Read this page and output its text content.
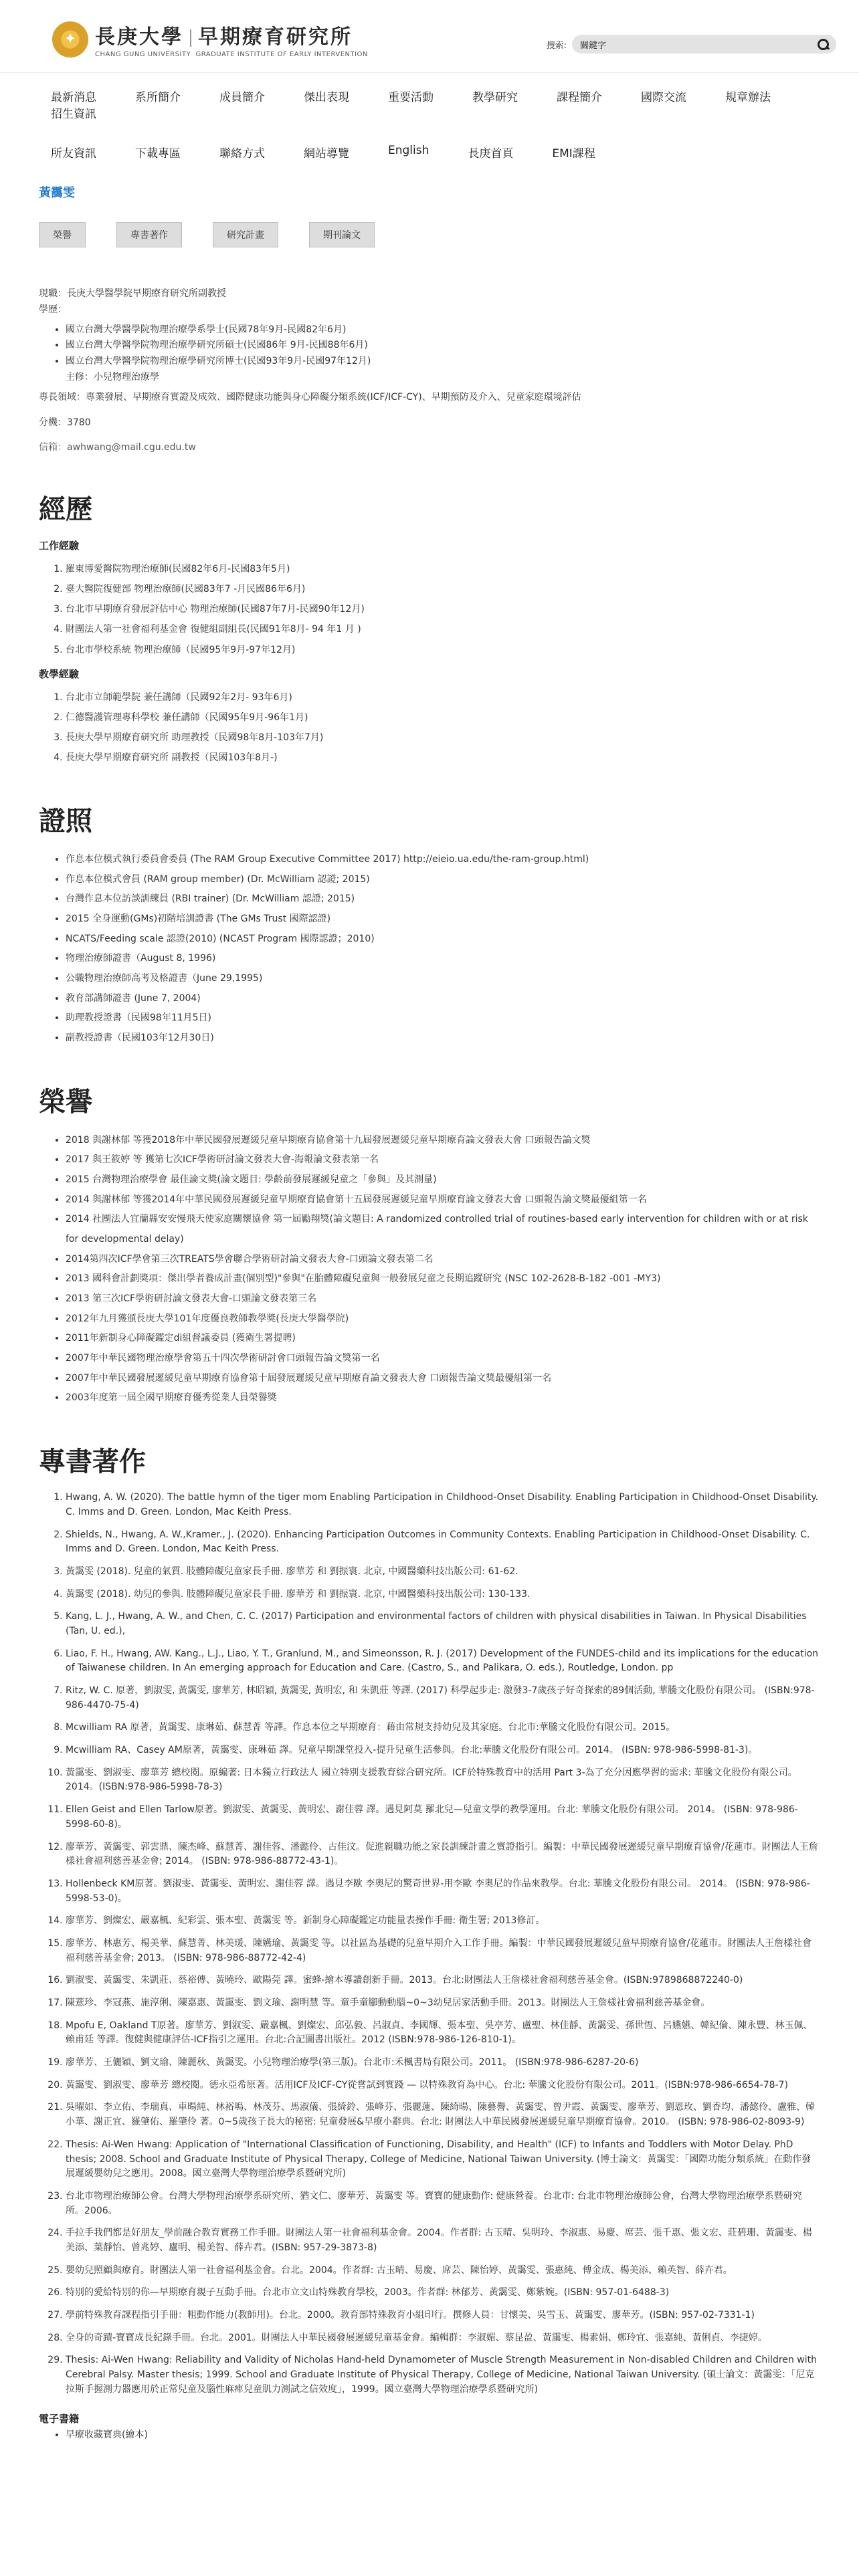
✦ 長庚大學 早期療育研究所
CHANG GUNG UNIVERSITY GRADUATE INSTITUTE OF EARLY INTERVENTION
搜索:
關鍵字
最新消息	系所簡介	成員簡介	傑出表現	重要活動	教學研究	課程簡介	國際交流	規章辦法
招生資訊
所友資訊	下載專區	聯絡方式	網站導覽	English	長庚首頁	EMI課程
黃靄雯
榮譽	專書著作	研究計畫	期刊論文
現職：長庚大學醫學院早期療育研究所副教授
學歷：
• 國立台灣大學醫學院物理治療學系學士(民國78年9月-民國82年6月)
• 國立台灣大學醫學院物理治療學研究所碩士(民國86年 9月-民國88年6月)
• 國立台灣大學醫學院物理治療學研究所博士(民國93年9月-民國97年12月)
主修：小兒物理治療學
專長領域：專業發展、早期療育實證及成效、國際健康功能與身心障礙分類系統(ICF/ICF-CY)、早期預防及介入、兒童家庭環境評估
分機：3780
信箱：awhwang@mail.cgu.edu.tw
經歷
工作經驗
1. 羅東博愛醫院物理治療師(民國82年6月-民國83年5月)
2. 臺大醫院復健部 物理治療師(民國83年7 -月民國86年6月)
3. 台北市早期療育發展評估中心 物理治療師(民國87年7月-民國90年12月)
4. 財團法人第一社會福利基金會 復健組副組長(民國91年8月- 94 年1 月 )
5. 台北市學校系統 物理治療師（民國95年9月-97年12月)
教學經驗
1. 台北市立師範學院 兼任講師（民國92年2月- 93年6月)
2. 仁德醫護管理專科學校 兼任講師（民國95年9月-96年1月)
3. 長庚大學早期療育研究所 助理教授（民國98年8月-103年7月)
4. 長庚大學早期療育研究所 副教授（民國103年8月-)
證照
• 作息本位模式執行委員會委員 (The RAM Group Executive Committee 2017) http://eieio.ua.edu/the-ram-group.html)
• 作息本位模式會員 (RAM group member) (Dr. McWilliam 認證; 2015)
• 台灣作息本位訪談訓練員 (RBI trainer) (Dr. McWilliam 認證; 2015)
• 2015 全身運動(GMs)初階培訓證書 (The GMs Trust 國際認證)
• NCATS/Feeding scale 認證(2010) (NCAST Program 國際認證；2010)
• 物理治療師證書（August 8, 1996)
• 公職物理治療師高考及格證書（June 29,1995)
• 教育部講師證書 (June 7, 2004)
• 助理教授證書（民國98年11月5日)
• 副教授證書（民國103年12月30日)
榮譽
• 2018 與謝林郁 等獲2018年中華民國發展遲緩兒童早期療育協會第十九屆發展遲緩兒童早期療育論文發表大會 口頭報告論文獎
• 2017 與王筱婷 等 獲第七次ICF學術研討論文發表大會-海報論文發表第一名
• 2015 台灣物理治療學會 最佳論文獎(論文題目: 學齡前發展遲緩兒童之「參與」及其測量)
• 2014 與謝林郁 等獲2014年中華民國發展遲緩兒童早期療育協會第十五屆發展遲緩兒童早期療育論文發表大會 口頭報告論文獎最優組第一名
• 2014 社團法人宜蘭縣安安慢飛天使家庭關懷協會 第一屆勵翔獎(論文題目: A randomized controlled trial of routines-based early intervention for children with or at risk for developmental delay)
• 2014第四次ICF學會第三次TREATS學會聯合學術研討論文發表大會-口頭論文發表第二名
• 2013 國科會計劃獎項：傑出學者養成計畫(個別型)"參與"在胎體障礙兒童與一般發展兒童之長期追蹤研究 (NSC 102-2628-B-182 -001 -MY3)
• 2013 第三次ICF學術研討論文發表大會-口頭論文發表第三名
• 2012年九月獲頒長庚大學101年度優良教師教學獎(長庚大學醫學院)
• 2011年新制身心障礙鑑定di組督議委員 (獲衛生署提聘)
• 2007年中華民國物理治療學會第五十四次學術研討會口頭報告論文獎第一名
• 2007年中華民國發展遲緩兒童早期療育協會第十屆發展遲緩兒童早期療育論文發表大會 口頭報告論文獎最優組第一名
• 2003年度第一屆全國早期療育優秀從業人員榮譽獎
專書著作
1. Hwang, A. W. (2020). The battle hymn of the tiger mom Enabling Participation in Childhood-Onset Disability. Enabling Participation in Childhood-Onset Disability. C. Imms and D. Green. London, Mac Keith Press.
2. Shields, N., Hwang, A. W.,Kramer., J. (2020). Enhancing Participation Outcomes in Community Contexts. Enabling Participation in Childhood-Onset Disability. C. Imms and D. Green. London, Mac Keith Press.
3. 黃靄雯 (2018). 兒童的氣質. 肢體障礙兒童家長手冊. 廖華芳 和 劉振寰. 北京, 中國醫藥科技出版公司: 61-62.
4. 黃靄雯 (2018). 幼兒的參與. 肢體障礙兒童家長手冊. 廖華芳 和 劉振寰. 北京, 中國醫藥科技出版公司: 130-133.
5. Kang, L. J., Hwang, A. W., and Chen, C. C. (2017) Participation and environmental factors of children with physical disabilities in Taiwan. In Physical Disabilities (Tan, U. ed.),
6. Liao, F. H., Hwang, AW. Kang., L.J., Liao, Y. T., Granlund, M., and Simeonsson, R. J. (2017) Development of the FUNDES-child and its implications for the education of Taiwanese children. In An emerging approach for Education and Care. (Castro, S., and Palikara, O. eds.), Routledge, London. pp
7. Ritz, W. C. 原著，劉淑雯, 黃靄雯, 廖華芳, 林昭穎, 黃靄雯, 黃明宏, 和 朱凱莊 等譯. (2017) 科學起步走: 激發3-7歲孩子好奇探索的89個活動, 華騰文化股份有限公司。 (ISBN:978-986-4470-75-4)
8. Mcwilliam RA 原著，黃靄雯、康琳茹、蘇慧菁 等譯。作息本位之早期療育：藉由常規支持幼兒及其家庭。台北市:華騰文化股份有限公司。2015。
9. Mcwilliam RA、Casey AM原著，黃靄雯、康琳茹 譯。兒童早期課堂投入-提升兒童生活參與。台北:華騰文化股份有限公司。2014。 (ISBN: 978-986-5998-81-3)。
10. 黃靄雯、劉淑雯、廖華芳 總校閱。原編著: 日本獨立行政法人 國立特別支援教育綜合研究所。ICF於特殊教育中的活用 Part 3-為了充分因應學習的需求: 華騰文化股份有限公司。2014。(ISBN:978-986-5998-78-3)
11. Ellen Geist and Ellen Tarlow原著。劉淑雯、黃靄雯、黃明宏、謝佳蓉 譯。遇見阿莫 羅北兒—兒童文學的教學運用。台北: 華騰文化股份有限公司。 2014。 (ISBN: 978-986-5998-60-8)。
12. 廖華芳、黃靄雯、郭雲鼎、陳杰峰、蘇慧菁、謝佳蓉、潘懿伶、古佳汶。促進親職功能之家長訓練計畫之實證指引。編製：中華民國發展遲緩兒童早期療育協會/花蓮市。財團法人王詹樣社會福利慈善基金會; 2014。 (ISBN: 978-986-88772-43-1)。
13. Hollenbeck KM原著。劉淑雯、黃靄雯、黃明宏、謝佳蓉 譯。遇見李歐 李奧尼的驚奇世界-用李歐 李奧尼的作品來教學。台北: 華騰文化股份有限公司。 2014。 (ISBN: 978-986-5998-53-0)。
14. 廖華芳、劉燦宏、嚴嘉楓、紀彩雲、張本聖、黃靄雯 等。新制身心障礙鑑定功能量表操作手冊: 衛生署; 2013修訂。
15. 廖華芳、林惠芳、楊美華、蘇慧菁、林美瑗、陳嬿瑜、黃靄雯 等。以社區為基礎的兒童早期介入工作手冊。編製：中華民國發展遲緩兒童早期療育協會/花蓮市。財團法人王詹樣社會福利慈善基金會; 2013。 (ISBN: 978-986-88772-42-4)
16. 劉淑雯、黃靄雯、朱凱莊、蔡裕傳、黃曉玲、歐陽莞 譯。蜜蜂-繪本導讀創新手冊。2013。台北:財團法人王詹樣社會福利慈善基金會。(ISBN:9789868872240-0)
17. 陳薏珍、李冠燕、施淳俐、陳嘉惠、黃靄雯、劉文瑜、謝明慧 等。童手童腳動動腦~0~3幼兒居家活動手冊。2013。財團法人王詹樣社會福利慈善基金會。
18. Mpofu E, Oakland T原著。廖華芳、劉淑雯、嚴嘉楓、劉燦宏、邱弘毅、呂淑貞、李國輝、張本聖、吳亭芳、盧聖、林佳靜、黃靄雯、孫世恆、呂嬿嬿、韓紀倫、陳永豐、林玉佩、賴甫廷 等譯。復健與健康評估-ICF指引之運用。台北:合記圖書出版社。2012 (ISBN:978-986-126-810-1)。
19. 廖華芳、王儷穎、劉文瑜、陳麗秋、黃靄雯。小兒物理治療學(第三版)。台北市:禾楓書局有限公司。2011。 (ISBN:978-986-6287-20-6)
20. 黃靄雯、劉淑雯、廖華芳 總校閱。德永亞希原著。活用ICF及ICF-CY從嘗試到實踐 — 以特殊教育為中心。台北: 華騰文化股份有限公司。2011。(ISBN:978-986-6654-78-7)
21. 吳曜如、李立佑、李瑞真、車暘純、林裕鳴、林茂芬、馬淑儀、張綺鈴、張峰芬、張麗蓮、陳綺暘、陳藝譽、黃靄雯、曾尹霞、黃靄雯、廖華芳、劉恩玫、劉香均、潘懿伶、盧雅、韓小華、謝正宜、羅肇佑、羅肇伶 著。0~5歲孩子長大的秘密: 兒童發展&早療小辭典。台北: 財團法人中華民國發展遲緩兒童早期療育協會。2010。 (ISBN: 978-986-02-8093-9)
22. Thesis: Ai-Wen Hwang: Application of "International Classification of Functioning, Disability, and Health" (ICF) to Infants and Toddlers with Motor Delay. PhD thesis; 2008. School and Graduate Institute of Physical Therapy, College of Medicine, National Taiwan University. (博士論文：黃靄雯：「國際功能分類系統」在動作發展遲緩嬰幼兒之應用。2008。國立臺灣大學物理治療學系暨研究所)
23. 台北市物理治療師公會。台灣大學物理治療學系研究所、猶文仁、廖華芳、黃靄雯 等。寶寶的健康動作: 健康營養。台北市: 台北市物理治療師公會，台灣大學物理治療學系暨研究所。2006。
24. 手拉手我們都是好朋友_學前融合教育實務工作手冊。財團法人第一社會福利基金會。2004。作者群: 古玉晴、吳明玲、李淑惠、易慶、席芸、張千惠、張文宏、莊碧珊、黃靄雯、楊美添、葉靜怡、曾兆婷、廬明、楊美智、薛卉君。(ISBN: 957-29-3873-8)
25. 嬰幼兒照顧與療育。財團法人第一社會福利基金會。台北。2004。作者群: 古玉晴、易慶、席芸、陳怡婷、黃靄雯、張惠純、傅金成、楊美添、賴英智、薛卉君。
26. 特別的愛給特別的你—早期療育親子互動手冊。台北市立文山特殊教育學校，2003。作者群: 林郁芳、黃靄雯、鄭紫婉。(ISBN: 957-01-6488-3)
27. 學前特殊教育課程指引手冊：粗動作能力(教師用)。台北。2000。教育部特殊教育小組印行。撰修人員：甘懷美、吳雪玉、黃靄雯、廖華芳。(ISBN: 957-02-7331-1)
28. 全身的奇蹟-寶寶成長紀錄手冊。台北。2001。財團法人中華民國發展遲緩兒童基金會。編輯群：李淑媚、蔡昆盈、黃靄雯、楊素娟、鄭玲宜、張嘉純、黃俐貞、李捷婷。
29. Thesis: Ai-Wen Hwang: Reliability and Validity of Nicholas Hand-held Dynamometer of Muscle Strength Measurement in Non-disabled Children and Children with Cerebral Palsy. Master thesis; 1999. School and Graduate Institute of Physical Therapy, College of Medicine, National Taiwan University. (碩士論文：黃靄雯：「尼克拉斯手握測力器應用於正常兒童及腦性麻痺兒童肌力測試之信效度」，1999。國立臺灣大學物理治療學系暨研究所)
電子書籍
• 早療收藏寶典(繪本)
